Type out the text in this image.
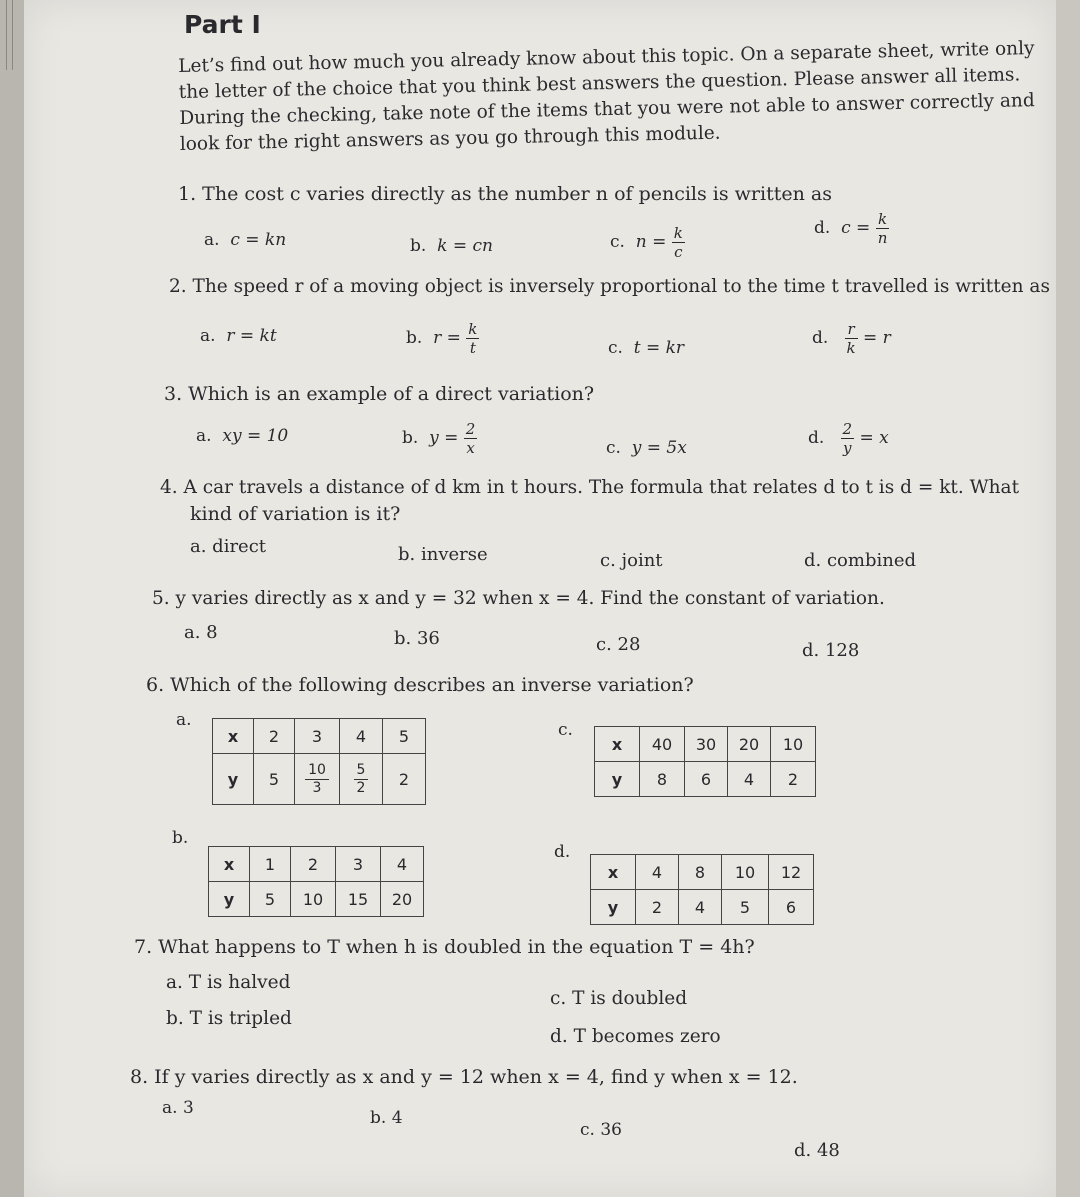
Part I
Let’s find out how much you already know about this topic. On a separate sheet, write only the letter of the choice that you think best answers the question. Please answer all items. During the checking, take note of the items that you were not able to answer correctly and look for the right answers as you go through this module.
1. The cost c varies directly as the number n of pencils is written as
a. c = kn	b. k = cn	c. $n = \frac{k}{c}$	d. $c = \frac{k}{n}$
2. The speed r of a moving object is inversely proportional to the time t travelled is written as
a. r = kt	b. $r = \frac{k}{t}$	c. t = kr	d. $\frac{r}{k} = r$
3. Which is an example of a direct variation?
a. xy = 10	b. $y = \frac{2}{x}$	c. y = 5x	d. $\frac{2}{y} = x$
4. A car travels a distance of d km in t hours. The formula that relates d to t is d = kt. What
kind of variation is it?
a. direct	b. inverse	c. joint	d. combined
5. y varies directly as x and y = 32 when x = 4. Find the constant of variation.
a. 8	b. 36	c. 28	d. 128
6. Which of the following describes an inverse variation?
a.	c.
b.
d.
x	2	3	4	5
y	5	$\frac{10}{3}$	$\frac{5}{2}$	2
x	40	30	20	10
y	8	6	4	2
x	1	2	3	4
y	5	10	15	20
x	4	8	10	12
y	2	4	5	6
7. What happens to T when h is doubled in the equation T = 4h?
a. T is halved
b. T is tripled
c. T is doubled
d. T becomes zero
8. If y varies directly as x and y = 12 when x = 4, find y when x = 12.
a. 3	b. 4
c. 36
d. 48
